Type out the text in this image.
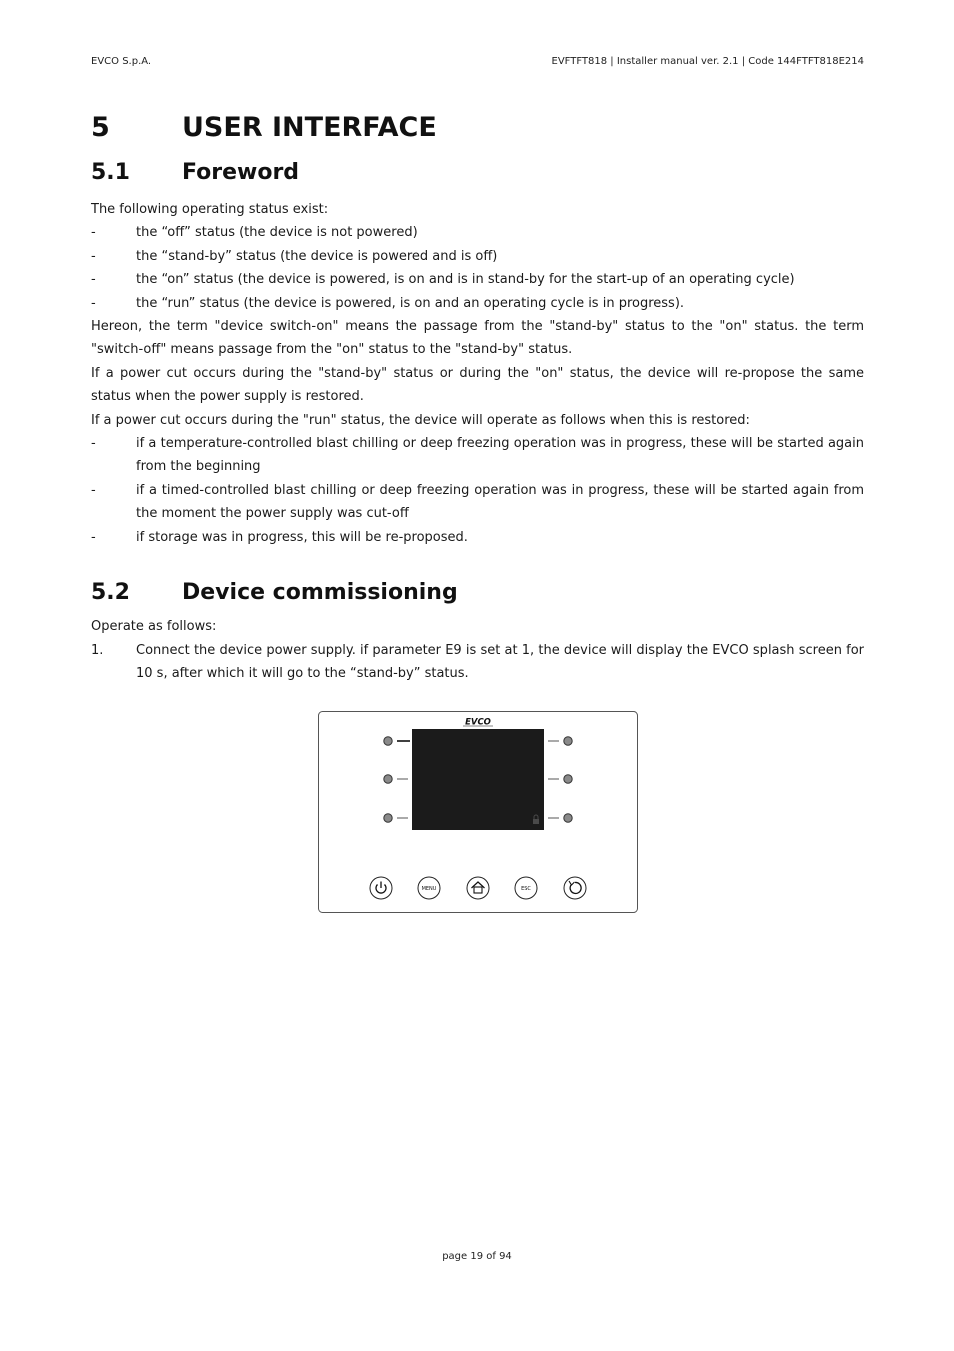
EVCO S.p.A.	EVFTFT818 | Installer manual ver. 2.1 | Code 144FTFT818E214
5	USER INTERFACE
5.1	Foreword

The following operating status exist:

-	the “off” status (the device is not powered)
-	the “stand-by” status (the device is powered and is off)
-	the “on” status (the device is powered, is on and is in stand-by for the start-up of an operating cycle)
-	the “run” status (the device is powered, is on and an operating cycle is in progress).

Hereon, the term "device switch-on" means the passage from the "stand-by" status to the "on" status. the term "switch-off" means passage from the "on" status to the "stand-by" status.

If a power cut occurs during the "stand-by" status or during the "on" status, the device will re-propose the same status when the power supply is restored.

If a power cut occurs during the "run" status, the device will operate as follows when this is restored:

-	if a temperature-controlled blast chilling or deep freezing operation was in progress, these will be started again from the beginning
-	if a timed-controlled blast chilling or deep freezing operation was in progress, these will be started again from the moment the power supply was cut-off
-	if storage was in progress, this will be re-proposed.
5.2	Device commissioning

Operate as follows:

1.	Connect the device power supply. if parameter E9 is set at 1, the device will display the EVCO splash screen for 10 s, after which it will go to the “stand-by” status.
EVCO
MENU	ESC
page 19 of 94
